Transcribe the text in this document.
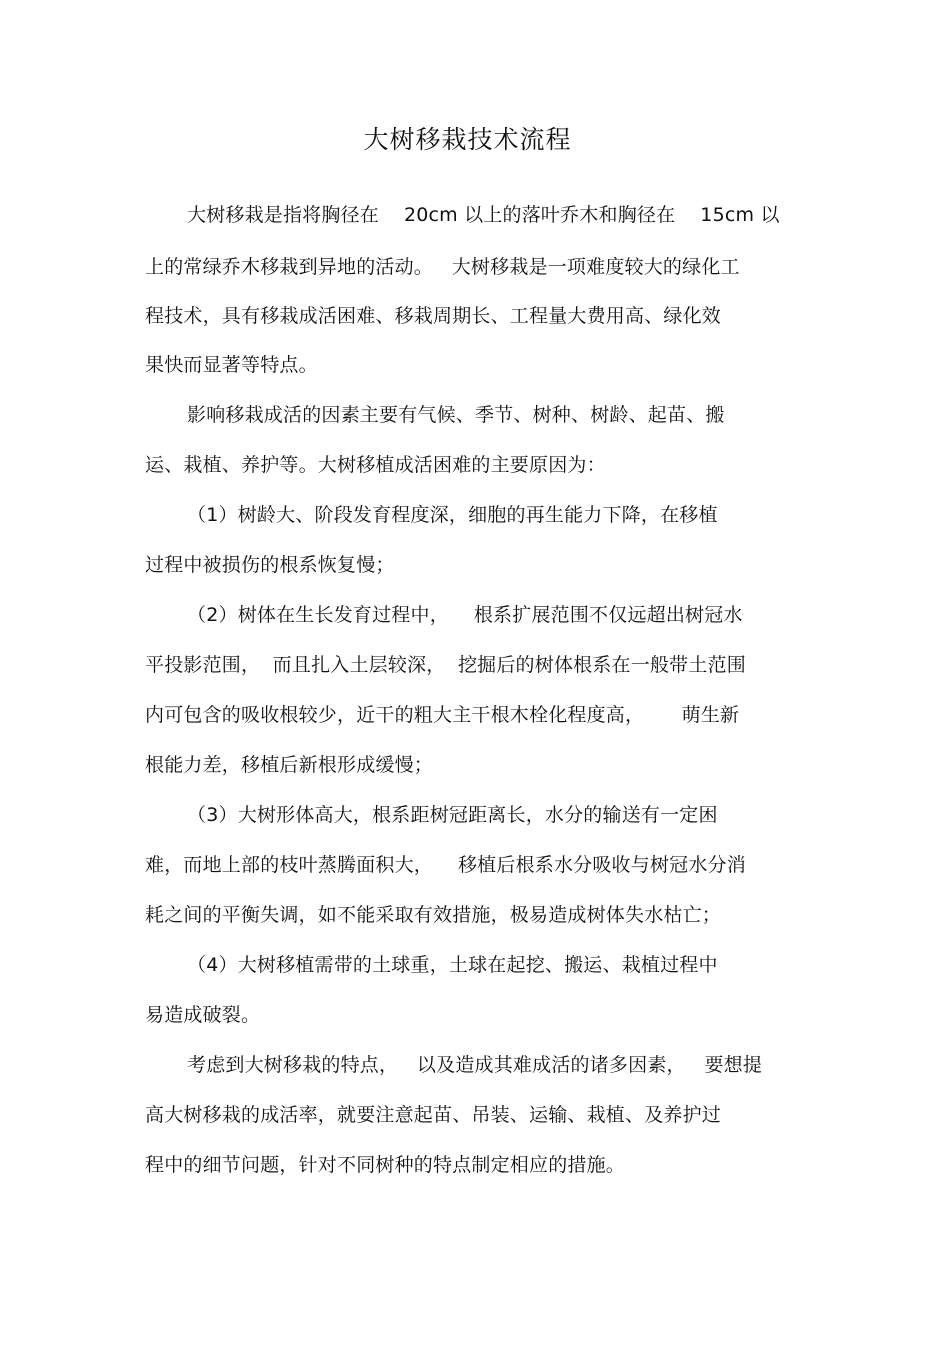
大树移栽技术流程
大树移栽是指将胸径在    20cm 以上的落叶乔木和胸径在    15cm 以
上的常绿乔木移栽到异地的活动。   大树移栽是一项难度较大的绿化工
程技术，具有移栽成活困难、移栽周期长、工程量大费用高、绿化效
果快而显著等特点。
影响移栽成活的因素主要有气候、季节、树种、树龄、起苗、搬
运、栽植、养护等。大树移植成活困难的主要原因为：
（1）树龄大、阶段发育程度深，细胞的再生能力下降，在移植
过程中被损伤的根系恢复慢；
（2）树体在生长发育过程中，    根系扩展范围不仅远超出树冠水
平投影范围，  而且扎入土层较深，  挖掘后的树体根系在一般带土范围
内可包含的吸收根较少，近干的粗大主干根木栓化程度高，      萌生新
根能力差，移植后新根形成缓慢；
（3）大树形体高大，根系距树冠距离长，水分的输送有一定困
难，而地上部的枝叶蒸腾面积大，    移植后根系水分吸收与树冠水分消
耗之间的平衡失调，如不能采取有效措施，极易造成树体失水枯亡；
（4）大树移植需带的土球重，土球在起挖、搬运、栽植过程中
易造成破裂。
考虑到大树移栽的特点，   以及造成其难成活的诸多因素，   要想提
高大树移栽的成活率，就要注意起苗、吊装、运输、栽植、及养护过
程中的细节问题，针对不同树种的特点制定相应的措施。
